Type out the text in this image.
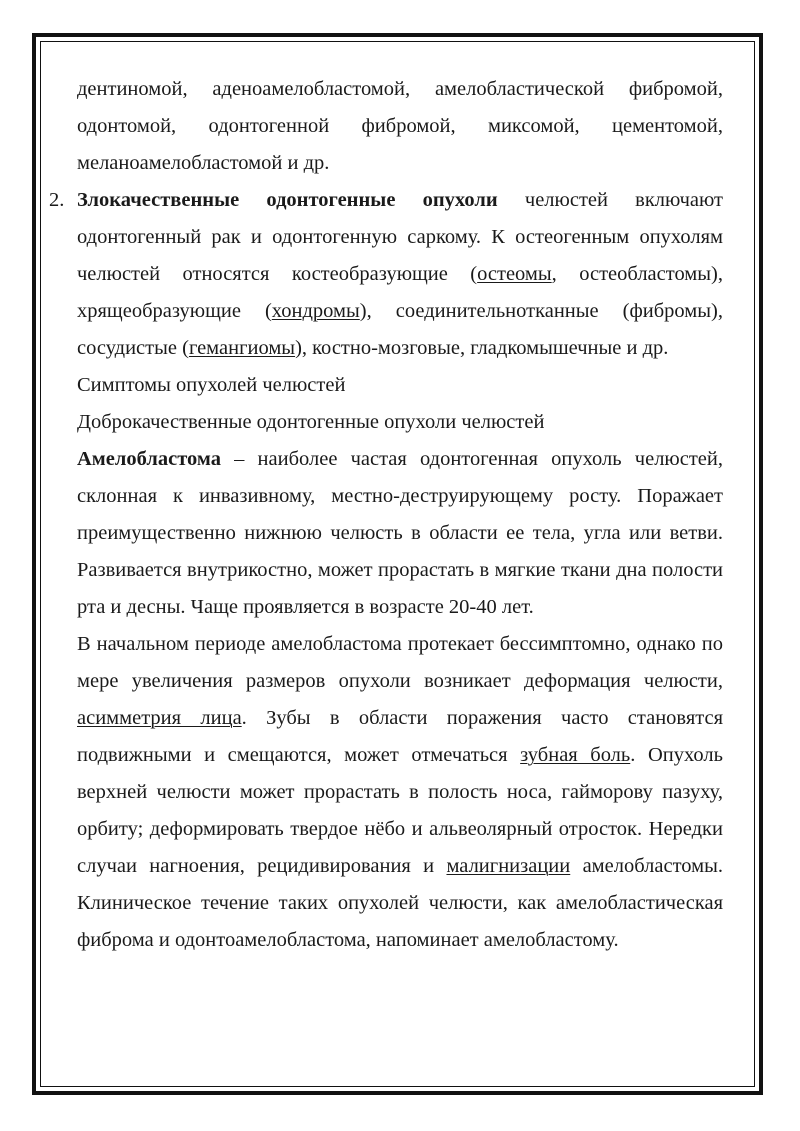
дентиномой, аденоамелобластомой, амелобластической фибромой,
одонтомой, одонтогенной фибромой, миксомой, цементомой,
меланоамелобластомой и др.

2. Злокачественные одонтогенные опухоли челюстей включают одонтогенный рак и одонтогенную саркому. К остеогенным опухолям челюстей относятся костеобразующие (остеомы, остеобластомы), хрящеобразующие (хондромы), соединительнотканные (фибромы), сосудистые (гемангиомы), костно-мозговые, гладкомышечные и др.

Симптомы опухолей челюстей

Доброкачественные одонтогенные опухоли челюстей

Амелобластома – наиболее частая одонтогенная опухоль челюстей, склонная к инвазивному, местно-деструирующему росту. Поражает преимущественно нижнюю челюсть в области ее тела, угла или ветви. Развивается внутрикостно, может прорастать в мягкие ткани дна полости рта и десны. Чаще проявляется в возрасте 20-40 лет.

В начальном периоде амелобластома протекает бессимптомно, однако по мере увеличения размеров опухоли возникает деформация челюсти, асимметрия лица. Зубы в области поражения часто становятся подвижными и смещаются, может отмечаться зубная боль. Опухоль верхней челюсти может прорастать в полость носа, гайморову пазуху, орбиту; деформировать твердое нёбо и альвеолярный отросток. Нередки случаи нагноения, рецидивирования и малигнизации амелобластомы. Клиническое течение таких опухолей челюсти, как амелобластическая фиброма и одонтоамелобластома, напоминает амелобластому.
